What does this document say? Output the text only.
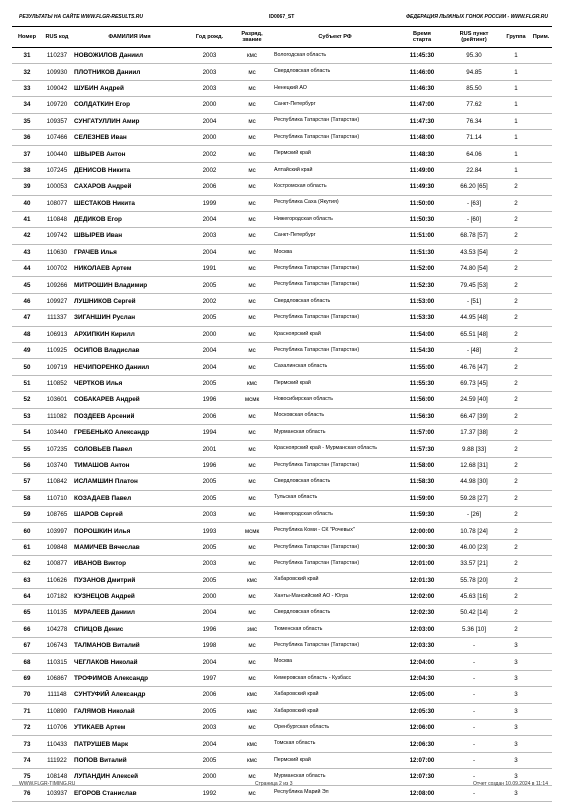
РЕЗУЛЬТАТЫ НА САЙТЕ WWW.FLGR-RESULTS.RU	ID0067_ST	ФЕДЕРАЦИЯ ЛЫЖНЫХ ГОНОК РОССИИ - WWW.FLGR.RU
Номер	RUS код	ФАМИЛИЯ Имя	Год рожд.	Разряд,
звание	Субъект РФ	Время
старта	RUS пункт
(рейтинг)	Группа	Прим.
31	110237	НОВОЖИЛОВ Даниил	2003	кмс	Вологодская область	11:45:30	95.30	1	
32	109930	ПЛОТНИКОВ Даниил	2003	мс	Свердловская область	11:46:00	94.85	1	
33	109042	ШУБИН Андрей	2003	мс	Ненецкий АО	11:46:30	85.50	1	
34	109720	СОЛДАТКИН Егор	2000	мс	Санкт-Петербург	11:47:00	77.62	1	
35	109357	СУНГАТУЛЛИН Амир	2004	мс	Республика Татарстан (Татарстан)	11:47:30	76.34	1	
36	107466	СЕЛЕЗНЕВ Иван	2000	мс	Республика Татарстан (Татарстан)	11:48:00	71.14	1	
37	100440	ШВЫРЕВ Антон	2002	мс	Пермский край	11:48:30	64.06	1	
38	107245	ДЕНИСОВ Никита	2002	мс	Алтайский край	11:49:00	22.84	1	
39	100053	САХАРОВ Андрей	2006	мс	Костромская область	11:49:30	66.20 [65]	2	
40	108077	ШЕСТАКОВ Никита	1999	мс	Республика Саха (Якутия)	11:50:00	- [63]	2	
41	110848	ДЕДИКОВ Егор	2004	мс	Нижегородская область	11:50:30	- [60]	2	
42	109742	ШВЫРЕВ Иван	2003	мс	Санкт-Петербург	11:51:00	68.78 [57]	2	
43	110630	ГРАЧЕВ Илья	2004	мс	Москва	11:51:30	43.53 [54]	2	
44	100702	НИКОЛАЕВ Артем	1991	мс	Республика Татарстан (Татарстан)	11:52:00	74.80 [54]	2	
45	109266	МИТРОШИН Владимир	2005	мс	Республика Татарстан (Татарстан)	11:52:30	79.45 [53]	2	
46	109927	ЛУШНИКОВ Сергей	2002	мс	Свердловская область	11:53:00	- [51]	2	
47	111337	ЗИГАНШИН Руслан	2005	мс	Республика Татарстан (Татарстан)	11:53:30	44.95 [48]	2	
48	106913	АРХИПКИН Кирилл	2000	мс	Красноярский край	11:54:00	65.51 [48]	2	
49	110925	ОСИПОВ Владислав	2004	мс	Республика Татарстан (Татарстан)	11:54:30	- [48]	2	
50	109719	НЕЧИПОРЕНКО Даниил	2004	мс	Сахалинская область	11:55:00	46.76 [47]	2	
51	110852	ЧЕРТКОВ Илья	2005	кмс	Пермский край	11:55:30	69.73 [45]	2	
52	103601	СОБАКАРЕВ Андрей	1996	мсмк	Новосибирская область	11:56:00	24.59 [40]	2	
53	111082	ПОЗДЕЕВ Арсений	2006	мс	Московская область	11:56:30	66.47 [39]	2	
54	103440	ГРЕБЕНЬКО Александр	1994	мс	Мурманская область	11:57:00	17.37 [38]	2	
55	107235	СОЛОВЬЕВ Павел	2001	мс	Красноярский край - Мурманская область	11:57:30	9.88 [33]	2	
56	103740	ТИМАШОВ Антон	1996	мс	Республика Татарстан (Татарстан)	11:58:00	12.68 [31]	2	
57	110842	ИСЛАМШИН Платон	2005	мс	Свердловская область	11:58:30	44.98 [30]	2	
58	110710	КОЗАДАЕВ Павел	2005	мс	Тульская область	11:59:00	59.28 [27]	2	
59	108765	ШАРОВ Сергей	2003	мс	Нижегородская область	11:59:30	- [26]	2	
60	103997	ПОРОШКИН Илья	1993	мсмк	Республика Коми - СК "Рочевых"	12:00:00	10.78 [24]	2	
61	109848	МАМИЧЕВ Вячеслав	2005	мс	Республика Татарстан (Татарстан)	12:00:30	46.00 [23]	2	
62	100877	ИВАНОВ Виктор	2003	мс	Республика Татарстан (Татарстан)	12:01:00	33.57 [21]	2	
63	110626	ПУЗАНОВ Дмитрий	2005	кмс	Хабаровский край	12:01:30	55.78 [20]	2	
64	107182	КУЗНЕЦОВ Андрей	2000	мс	Ханты-Мансийский АО - Югра	12:02:00	45.63 [16]	2	
65	110135	МУРАЛЕЕВ Даниил	2004	мс	Свердловская область	12:02:30	50.42 [14]	2	
66	104278	СПИЦОВ Денис	1996	змс	Тюменская область	12:03:00	5.36 [10]	2	
67	106743	ТАЛМАНОВ Виталий	1998	мс	Республика Татарстан (Татарстан)	12:03:30	-	3	
68	110315	ЧЕГЛАКОВ Николай	2004	мс	Москва	12:04:00	-	3	
69	106867	ТРОФИМОВ Александр	1997	мс	Кемеровская область - Кузбасс	12:04:30	-	3	
70	111148	СУНТУФИЙ Александр	2006	кмс	Хабаровский край	12:05:00	-	3	
71	110890	ГАЛЯМОВ Николай	2005	кмс	Хабаровский край	12:05:30	-	3	
72	110706	УТИКАЕВ Артем	2003	мс	Оренбургская область	12:06:00	-	3	
73	110433	ПАТРУШЕВ Марк	2004	кмс	Томская область	12:06:30	-	3	
74	111922	ПОПОВ Виталий	2005	кмс	Пермский край	12:07:00	-	3	
75	108148	ЛУПАНДИН Алексей	2000	мс	Мурманская область	12:07:30	-	3	
76	103937	ЕГОРОВ Станислав	1992	мс	Республика Марий Эл	12:08:00	-	3	
WWW.FLGR-TIMING.RU	Страница 2 из 3	Отчет создан 10.09.2024 в 11:14
